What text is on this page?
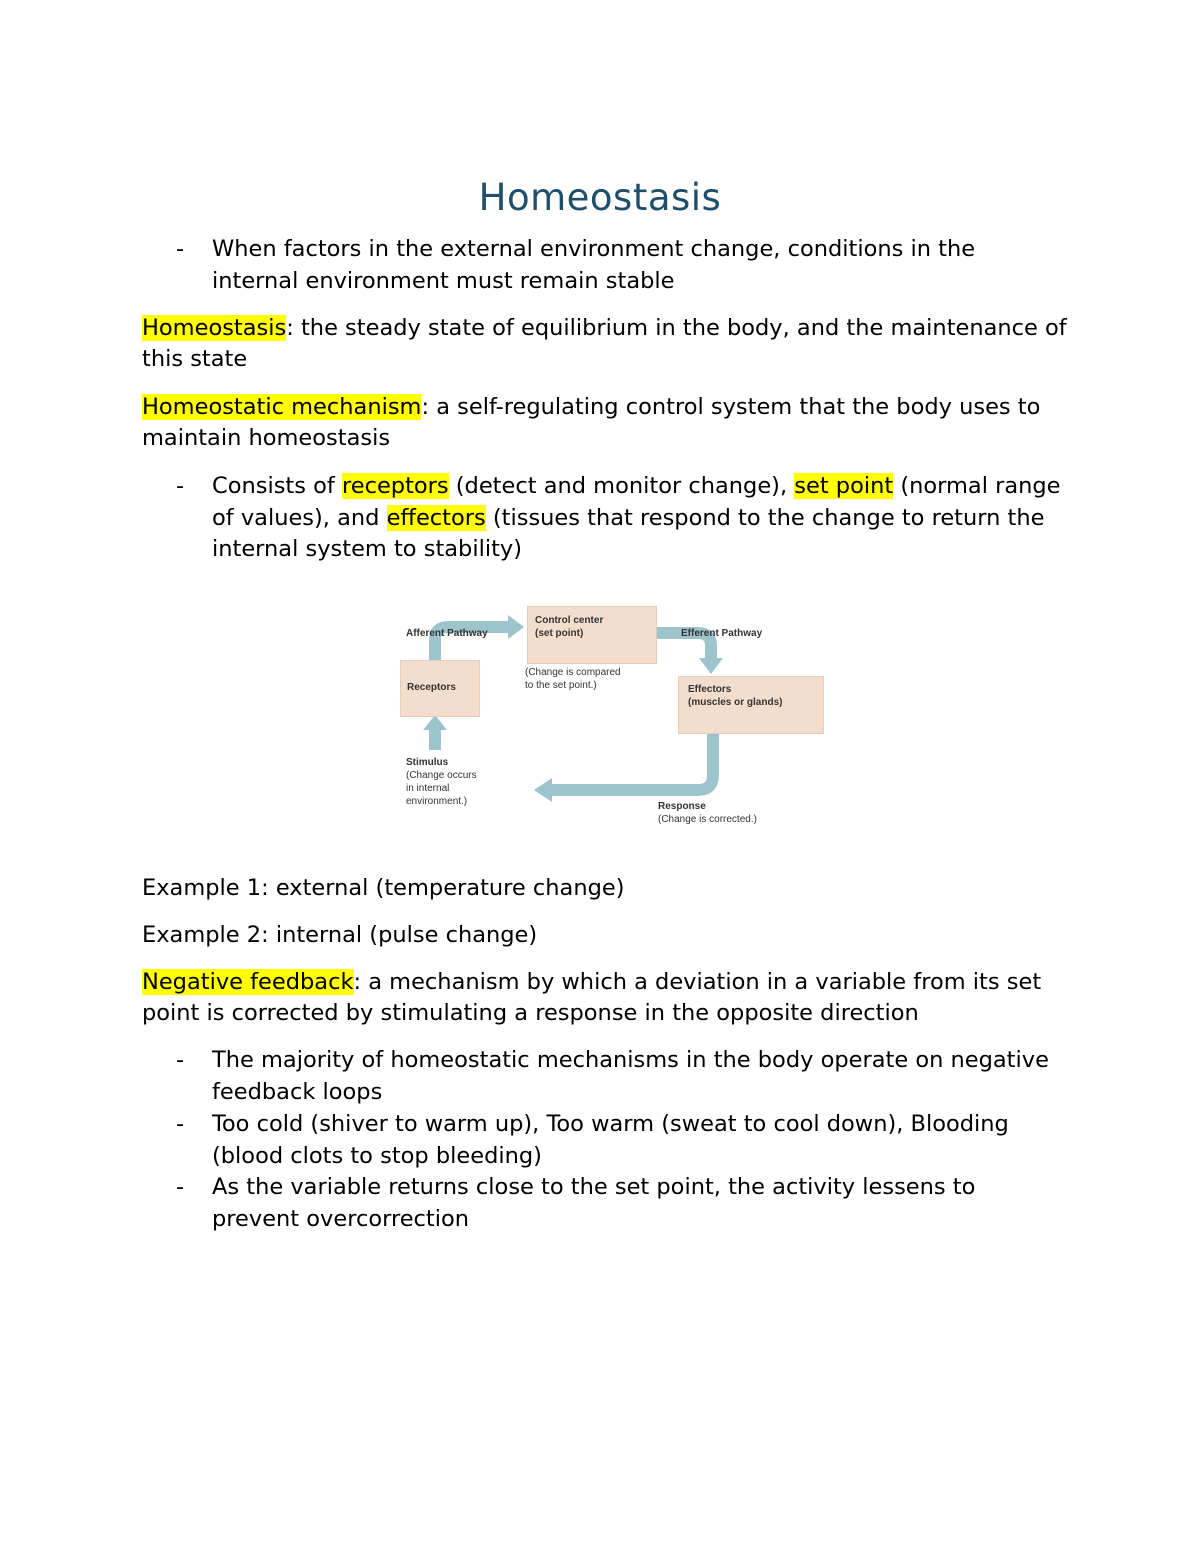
Homeostasis
- When factors in the external environment change, conditions in the internal environment must remain stable
Homeostasis: the steady state of equilibrium in the body, and the maintenance of this state
Homeostatic mechanism: a self-regulating control system that the body uses to maintain homeostasis
- Consists of receptors (detect and monitor change), set point (normal range of values), and effectors (tissues that respond to the change to return the internal system to stability)
Afferent Pathway
Control center
(set point)
(Change is compared
to the set point.)
Efferent Pathway
Receptors	Effectors
(muscles or glands)
Stimulus
(Change occurs
in internal
environment.)	Response
(Change is corrected.)
Example 1: external (temperature change)
Example 2: internal (pulse change)
Negative feedback: a mechanism by which a deviation in a variable from its set point is corrected by stimulating a response in the opposite direction
- The majority of homeostatic mechanisms in the body operate on negative feedback loops
- Too cold (shiver to warm up), Too warm (sweat to cool down), Blooding (blood clots to stop bleeding)
- As the variable returns close to the set point, the activity lessens to prevent overcorrection
